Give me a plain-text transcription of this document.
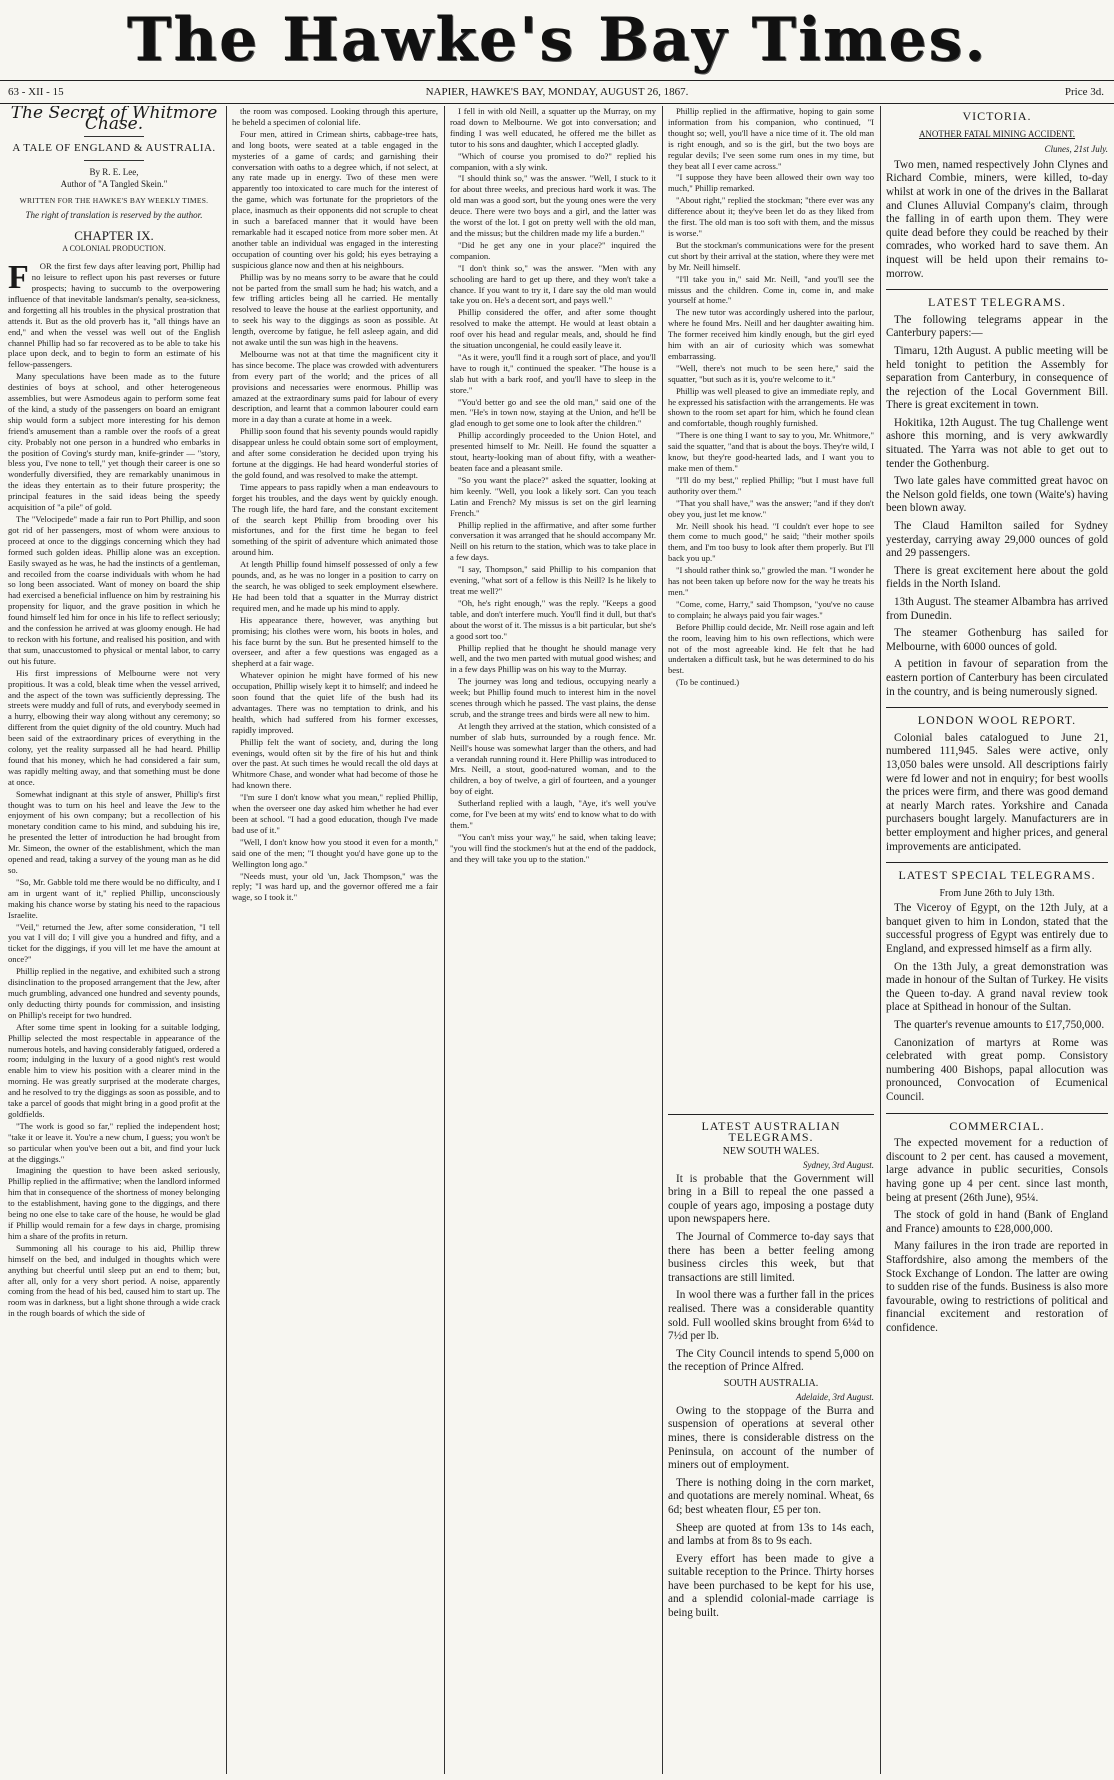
The Hawke's Bay Times.
63 - XII - 15	NAPIER, HAWKE'S BAY, MONDAY, AUGUST 26, 1867.	Price 3d.
The Secret of Whitmore Chase.
A TALE OF ENGLAND & AUSTRALIA.
By R. E. Lee,
Author of "A Tangled Skein."
WRITTEN FOR THE HAWKE'S BAY WEEKLY TIMES.
The right of translation is reserved by the author.
CHAPTER IX.
A COLONIAL PRODUCTION.
F	OR the first few days after leaving port, Phillip had no leisure to reflect upon his past reverses or future prospects; having to succumb to the overpowering influence of that inevitable landsman's penalty, sea-sickness, and forgetting all his troubles in the physical prostration that attends it. But as the old proverb has it, "all things have an end," and when the vessel was well out of the English channel Phillip had so far recovered as to be able to take his place upon deck, and to begin to form an estimate of his fellow-passengers.

Many speculations have been made as to the future destinies of boys at school, and other heterogeneous assemblies, but were Asmodeus again to perform some feat of the kind, a study of the passengers on board an emigrant ship would form a subject more interesting for his demon friend's amusement than a ramble over the roofs of a great city. Probably not one person in a hundred who embarks in the position of Coving's sturdy man, knife-grinder — "story, bless you, I've none to tell," yet though their career is one so wonderfully diversified, they are remarkably unanimous in the ideas they entertain as to their future prosperity; the principal features in the said ideas being the speedy acquisition of "a pile" of gold.

The "Velocipede" made a fair run to Port Phillip, and soon got rid of her passengers, most of whom were anxious to proceed at once to the diggings concerning which they had formed such golden ideas. Phillip alone was an exception. Easily swayed as he was, he had the instincts of a gentleman, and recoiled from the coarse individuals with whom he had so long been associated. Want of money on board the ship had exercised a beneficial influence on him by restraining his propensity for liquor, and the grave position in which he found himself led him for once in his life to reflect seriously; and the confession he arrived at was gloomy enough. He had to reckon with his fortune, and realised his position, and with that sum, unaccustomed to physical or mental labor, to carry out his future.

His first impressions of Melbourne were not very propitious. It was a cold, bleak time when the vessel arrived, and the aspect of the town was sufficiently depressing. The streets were muddy and full of ruts, and everybody seemed in a hurry, elbowing their way along without any ceremony; so different from the quiet dignity of the old country. Much had been said of the extraordinary prices of everything in the colony, yet the reality surpassed all he had heard. Phillip found that his money, which he had considered a fair sum, was rapidly melting away, and that something must be done at once.

Somewhat indignant at this style of answer, Phillip's first thought was to turn on his heel and leave the Jew to the enjoyment of his own company; but a recollection of his monetary condition came to his mind, and subduing his ire, he presented the letter of introduction he had brought from Mr. Simeon, the owner of the establishment, which the man opened and read, taking a survey of the young man as he did so.

"So, Mr. Gabble told me there would be no difficulty, and I am in urgent want of it," replied Phillip, unconsciously making his chance worse by stating his need to the rapacious Israelite.

"Veil," returned the Jew, after some consideration, "I tell you vat I vill do; I vill give you a hundred and fifty, and a ticket for the diggings, if you vill let me have the amount at once?"

Phillip replied in the negative, and exhibited such a strong disinclination to the proposed arrangement that the Jew, after much grumbling, advanced one hundred and seventy pounds, only deducting thirty pounds for commission, and insisting on Phillip's receipt for two hundred.

After some time spent in looking for a suitable lodging, Phillip selected the most respectable in appearance of the numerous hotels, and having considerably fatigued, ordered a room; indulging in the luxury of a good night's rest would enable him to view his position with a clearer mind in the morning. He was greatly surprised at the moderate charges, and he resolved to try the diggings as soon as possible, and to take a parcel of goods that might bring in a good profit at the goldfields.

"The work is good so far," replied the independent host; "take it or leave it. You're a new chum, I guess; you won't be so particular when you've been out a bit, and find your luck at the diggings."

Imagining the question to have been asked seriously, Phillip replied in the affirmative; when the landlord informed him that in consequence of the shortness of money belonging to the establishment, having gone to the diggings, and there being no one else to take care of the house, he would be glad if Phillip would remain for a few days in charge, promising him a share of the profits in return.

Summoning all his courage to his aid, Phillip threw himself on the bed, and indulged in thoughts which were anything but cheerful until sleep put an end to them; but, after all, only for a very short period. A noise, apparently coming from the head of his bed, caused him to start up. The room was in darkness, but a light shone through a wide crack in the rough boards of which the side of

the room was composed. Looking through this aperture, he beheld a specimen of colonial life.

Four men, attired in Crimean shirts, cabbage-tree hats, and long boots, were seated at a table engaged in the mysteries of a game of cards; and garnishing their conversation with oaths to a degree which, if not select, at any rate made up in energy. Two of these men were apparently too intoxicated to care much for the interest of the game, which was fortunate for the proprietors of the place, inasmuch as their opponents did not scruple to cheat in such a barefaced manner that it would have been remarkable had it escaped notice from more sober men. At another table an individual was engaged in the interesting occupation of counting over his gold; his eyes betraying a suspicious glance now and then at his neighbours.

Phillip was by no means sorry to be aware that he could not be parted from the small sum he had; his watch, and a few trifling articles being all he carried. He mentally resolved to leave the house at the earliest opportunity, and to seek his way to the diggings as soon as possible. At length, overcome by fatigue, he fell asleep again, and did not awake until the sun was high in the heavens.

Melbourne was not at that time the magnificent city it has since become. The place was crowded with adventurers from every part of the world; and the prices of all provisions and necessaries were enormous. Phillip was amazed at the extraordinary sums paid for labour of every description, and learnt that a common labourer could earn more in a day than a curate at home in a week.

Phillip soon found that his seventy pounds would rapidly disappear unless he could obtain some sort of employment, and after some consideration he decided upon trying his fortune at the diggings. He had heard wonderful stories of the gold found, and was resolved to make the attempt.

Time appears to pass rapidly when a man endeavours to forget his troubles, and the days went by quickly enough. The rough life, the hard fare, and the constant excitement of the search kept Phillip from brooding over his misfortunes, and for the first time he began to feel something of the spirit of adventure which animated those around him.

At length Phillip found himself possessed of only a few pounds, and, as he was no longer in a position to carry on the search, he was obliged to seek employment elsewhere. He had been told that a squatter in the Murray district required men, and he made up his mind to apply.

His appearance there, however, was anything but promising; his clothes were worn, his boots in holes, and his face burnt by the sun. But he presented himself to the overseer, and after a few questions was engaged as a shepherd at a fair wage.

Whatever opinion he might have formed of his new occupation, Phillip wisely kept it to himself; and indeed he soon found that the quiet life of the bush had its advantages. There was no temptation to drink, and his health, which had suffered from his former excesses, rapidly improved.

Phillip felt the want of society, and, during the long evenings, would often sit by the fire of his hut and think over the past. At such times he would recall the old days at Whitmore Chase, and wonder what had become of those he had known there.

"I'm sure I don't know what you mean," replied Phillip, when the overseer one day asked him whether he had ever been at school. "I had a good education, though I've made bad use of it."

"Well, I don't know how you stood it even for a month," said one of the men; "I thought you'd have gone up to the Wellington long ago."

"Needs must, your old 'un, Jack Thompson," was the reply; "I was hard up, and the governor offered me a fair wage, so I took it."

I fell in with old Neill, a squatter up the Murray, on my road down to Melbourne. We got into conversation; and finding I was well educated, he offered me the billet as tutor to his sons and daughter, which I accepted gladly.

"Which of course you promised to do?" replied his companion, with a sly wink.

"I should think so," was the answer. "Well, I stuck to it for about three weeks, and precious hard work it was. The old man was a good sort, but the young ones were the very deuce. There were two boys and a girl, and the latter was the worst of the lot. I got on pretty well with the old man, and the missus; but the children made my life a burden."

"Did he get any one in your place?" inquired the companion.

"I don't think so," was the answer. "Men with any schooling are hard to get up there, and they won't take a chance. If you want to try it, I dare say the old man would take you on. He's a decent sort, and pays well."

Phillip considered the offer, and after some thought resolved to make the attempt. He would at least obtain a roof over his head and regular meals, and, should he find the situation uncongenial, he could easily leave it.

"As it were, you'll find it a rough sort of place, and you'll have to rough it," continued the speaker. "The house is a slab hut with a bark roof, and you'll have to sleep in the store."

"You'd better go and see the old man," said one of the men. "He's in town now, staying at the Union, and he'll be glad enough to get some one to look after the children."

Phillip accordingly proceeded to the Union Hotel, and presented himself to Mr. Neill. He found the squatter a stout, hearty-looking man of about fifty, with a weather-beaten face and a pleasant smile.

"So you want the place?" asked the squatter, looking at him keenly. "Well, you look a likely sort. Can you teach Latin and French? My missus is set on the girl learning French."

Phillip replied in the affirmative, and after some further conversation it was arranged that he should accompany Mr. Neill on his return to the station, which was to take place in a few days.

"I say, Thompson," said Phillip to his companion that evening, "what sort of a fellow is this Neill? Is he likely to treat me well?"

"Oh, he's right enough," was the reply. "Keeps a good table, and don't interfere much. You'll find it dull, but that's about the worst of it. The missus is a bit particular, but she's a good sort too."

Phillip replied that he thought he should manage very well, and the two men parted with mutual good wishes; and in a few days Phillip was on his way to the Murray.

The journey was long and tedious, occupying nearly a week; but Phillip found much to interest him in the novel scenes through which he passed. The vast plains, the dense scrub, and the strange trees and birds were all new to him.

At length they arrived at the station, which consisted of a number of slab huts, surrounded by a rough fence. Mr. Neill's house was somewhat larger than the others, and had a verandah running round it. Here Phillip was introduced to Mrs. Neill, a stout, good-natured woman, and to the children, a boy of twelve, a girl of fourteen, and a younger boy of eight.

Sutherland replied with a laugh, "Aye, it's well you've come, for I've been at my wits' end to know what to do with them."

"You can't miss your way," he said, when taking leave; "you will find the stockmen's hut at the end of the paddock, and they will take you up to the station."

Phillip replied in the affirmative, hoping to gain some information from his companion, who continued, "I thought so; well, you'll have a nice time of it. The old man is right enough, and so is the girl, but the two boys are regular devils; I've seen some rum ones in my time, but they beat all I ever came across."

"I suppose they have been allowed their own way too much," Phillip remarked.

"About right," replied the stockman; "there ever was any difference about it; they've been let do as they liked from the first. The old man is too soft with them, and the missus is worse."

But the stockman's communications were for the present cut short by their arrival at the station, where they were met by Mr. Neill himself.

"I'll take you in," said Mr. Neill, "and you'll see the missus and the children. Come in, come in, and make yourself at home."

The new tutor was accordingly ushered into the parlour, where he found Mrs. Neill and her daughter awaiting him. The former received him kindly enough, but the girl eyed him with an air of curiosity which was somewhat embarrassing.

"Well, there's not much to be seen here," said the squatter, "but such as it is, you're welcome to it."

Phillip was well pleased to give an immediate reply, and he expressed his satisfaction with the arrangements. He was shown to the room set apart for him, which he found clean and comfortable, though roughly furnished.

"There is one thing I want to say to you, Mr. Whitmore," said the squatter, "and that is about the boys. They're wild, I know, but they're good-hearted lads, and I want you to make men of them."

"I'll do my best," replied Phillip; "but I must have full authority over them."

"That you shall have," was the answer; "and if they don't obey you, just let me know."

Mr. Neill shook his head. "I couldn't ever hope to see them come to much good," he said; "their mother spoils them, and I'm too busy to look after them properly. But I'll back you up."

"I should rather think so," growled the man. "I wonder he has not been taken up before now for the way he treats his men."

"Come, come, Harry," said Thompson, "you've no cause to complain; he always paid you fair wages."

Before Phillip could decide, Mr. Neill rose again and left the room, leaving him to his own reflections, which were not of the most agreeable kind. He felt that he had undertaken a difficult task, but he was determined to do his best.

(To be continued.)

LATEST AUSTRALIAN TELEGRAMS.
NEW SOUTH WALES.
Sydney, 3rd August.

It is probable that the Government will bring in a Bill to repeal the one passed a couple of years ago, imposing a postage duty upon newspapers here.

The Journal of Commerce to-day says that there has been a better feeling among business circles this week, but that transactions are still limited.

In wool there was a further fall in the prices realised. There was a considerable quantity sold. Full woolled skins brought from 6¼d to 7½d per lb.

The City Council intends to spend 5,000 on the reception of Prince Alfred.

SOUTH AUSTRALIA.
Adelaide, 3rd August.

Owing to the stoppage of the Burra and suspension of operations at several other mines, there is considerable distress on the Peninsula, on account of the number of miners out of employment.

There is nothing doing in the corn market, and quotations are merely nominal. Wheat, 6s 6d; best wheaten flour, £5 per ton.

Sheep are quoted at from 13s to 14s each, and lambs at from 8s to 9s each.

Every effort has been made to give a suitable reception to the Prince. Thirty horses have been purchased to be kept for his use, and a splendid colonial-made carriage is being built.

VICTORIA.
ANOTHER FATAL MINING ACCIDENT.
Clunes, 21st July.

Two men, named respectively John Clynes and Richard Combie, miners, were killed, to-day whilst at work in one of the drives in the Ballarat and Clunes Alluvial Company's claim, through the falling in of earth upon them. They were quite dead before they could be reached by their comrades, who worked hard to save them. An inquest will be held upon their remains to-morrow.

LATEST TELEGRAMS.

The following telegrams appear in the Canterbury papers:—

Timaru, 12th August. A public meeting will be held tonight to petition the Assembly for separation from Canterbury, in consequence of the rejection of the Local Government Bill. There is great excitement in town.

Hokitika, 12th August. The tug Challenge went ashore this morning, and is very awkwardly situated. The Yarra was not able to get out to tender the Gothenburg.

Two late gales have committed great havoc on the Nelson gold fields, one town (Waite's) having been blown away.

The Claud Hamilton sailed for Sydney yesterday, carrying away 29,000 ounces of gold and 29 passengers.

There is great excitement here about the gold fields in the North Island.

13th August. The steamer Albambra has arrived from Dunedin.

The steamer Gothenburg has sailed for Melbourne, with 6000 ounces of gold.

A petition in favour of separation from the eastern portion of Canterbury has been circulated in the country, and is being numerously signed.

LONDON WOOL REPORT.

Colonial bales catalogued to June 21, numbered 111,945. Sales were active, only 13,050 bales were unsold. All descriptions fairly were fd lower and not in enquiry; for best woolls the prices were firm, and there was good demand at nearly March rates. Yorkshire and Canada purchasers bought largely. Manufacturers are in better employment and higher prices, and general improvements are anticipated.

LATEST SPECIAL TELEGRAMS.
From June 26th to July 13th.

The Viceroy of Egypt, on the 12th July, at a banquet given to him in London, stated that the successful progress of Egypt was entirely due to England, and expressed himself as a firm ally.

On the 13th July, a great demonstration was made in honour of the Sultan of Turkey. He visits the Queen to-day. A grand naval review took place at Spithead in honour of the Sultan.

The quarter's revenue amounts to £17,750,000.

Canonization of martyrs at Rome was celebrated with great pomp. Consistory numbering 400 Bishops, papal allocution was pronounced, Convocation of Ecumenical Council.

COMMERCIAL.

The expected movement for a reduction of discount to 2 per cent. has caused a movement, large advance in public securities, Consols having gone up 4 per cent. since last month, being at present (26th June), 95¼.

The stock of gold in hand (Bank of England and France) amounts to £28,000,000.

Many failures in the iron trade are reported in Staffordshire, also among the members of the Stock Exchange of London. The latter are owing to sudden rise of the funds. Business is also more favourable, owing to restrictions of political and financial excitement and restoration of confidence.
